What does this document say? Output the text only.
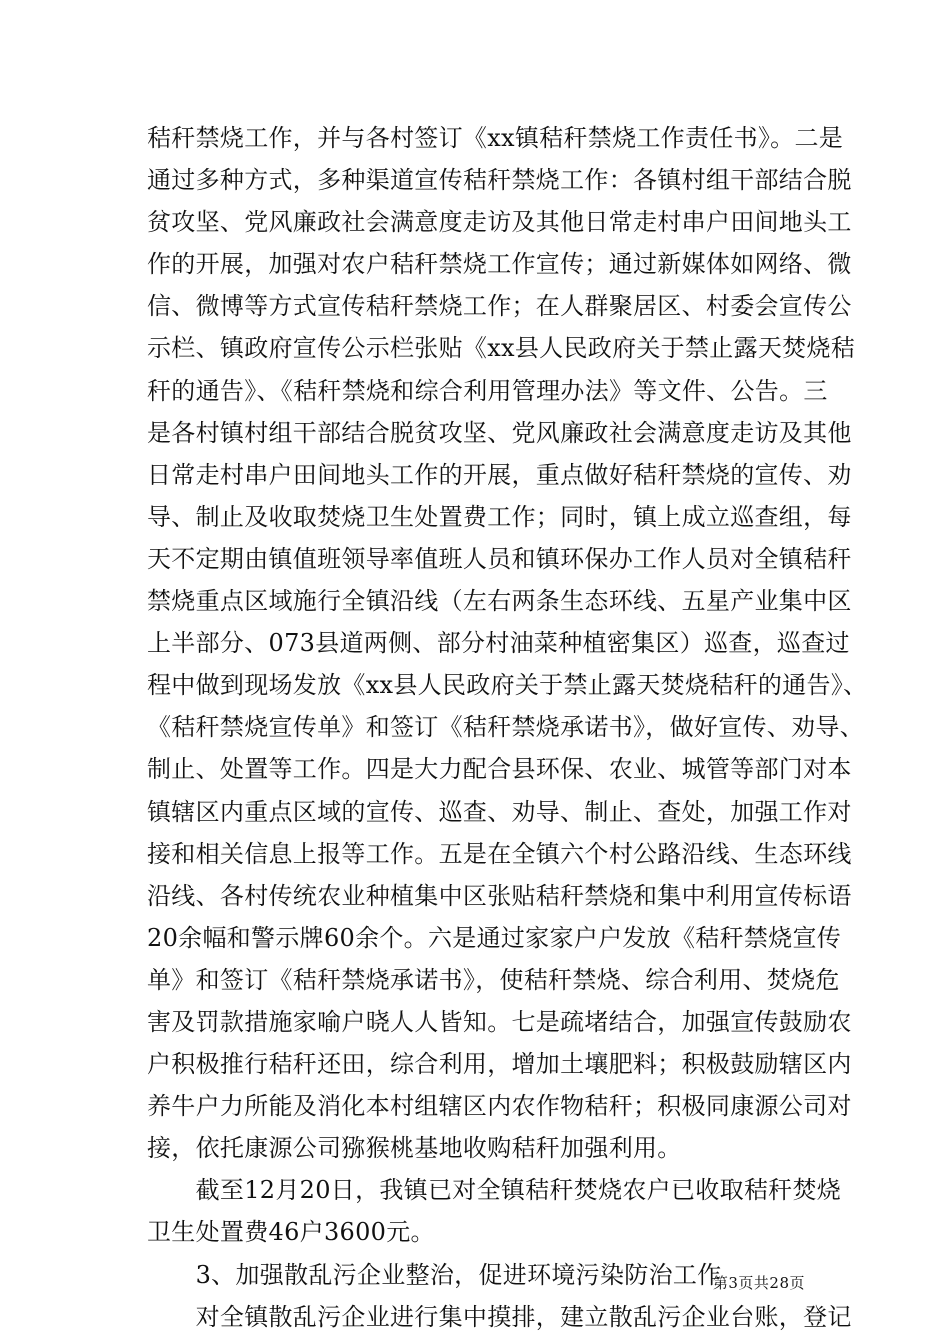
秸秆禁烧工作，并与各村签订《xx镇秸秆禁烧工作责任书》。二是
通过多种方式，多种渠道宣传秸秆禁烧工作：各镇村组干部结合脱
贫攻坚、党风廉政社会满意度走访及其他日常走村串户田间地头工
作的开展，加强对农户秸秆禁烧工作宣传；通过新媒体如网络、微
信、微博等方式宣传秸秆禁烧工作；在人群聚居区、村委会宣传公
示栏、镇政府宣传公示栏张贴《xx县人民政府关于禁止露天焚烧秸
秆的通告》、《秸秆禁烧和综合利用管理办法》等文件、公告。三
是各村镇村组干部结合脱贫攻坚、党风廉政社会满意度走访及其他
日常走村串户田间地头工作的开展，重点做好秸秆禁烧的宣传、劝
导、制止及收取焚烧卫生处置费工作；同时，镇上成立巡查组，每
天不定期由镇值班领导率值班人员和镇环保办工作人员对全镇秸秆
禁烧重点区域施行全镇沿线（左右两条生态环线、五星产业集中区
上半部分、073县道两侧、部分村油菜种植密集区）巡查，巡查过
程中做到现场发放《xx县人民政府关于禁止露天焚烧秸秆的通告》、
《秸秆禁烧宣传单》和签订《秸秆禁烧承诺书》，做好宣传、劝导、
制止、处置等工作。四是大力配合县环保、农业、城管等部门对本
镇辖区内重点区域的宣传、巡查、劝导、制止、查处，加强工作对
接和相关信息上报等工作。五是在全镇六个村公路沿线、生态环线
沿线、各村传统农业种植集中区张贴秸秆禁烧和集中利用宣传标语
20余幅和警示牌60余个。六是通过家家户户发放《秸秆禁烧宣传
单》和签订《秸秆禁烧承诺书》，使秸秆禁烧、综合利用、焚烧危
害及罚款措施家喻户晓人人皆知。七是疏堵结合，加强宣传鼓励农
户积极推行秸秆还田，综合利用，增加土壤肥料；积极鼓励辖区内
养牛户力所能及消化本村组辖区内农作物秸秆；积极同康源公司对
接，依托康源公司猕猴桃基地收购秸秆加强利用。
　　截至12月20日，我镇已对全镇秸秆焚烧农户已收取秸秆焚烧
卫生处置费46户3600元。
　　3、加强散乱污企业整治，促进环境污染防治工作
　　对全镇散乱污企业进行集中摸排，建立散乱污企业台账，登记
第3页共28页
